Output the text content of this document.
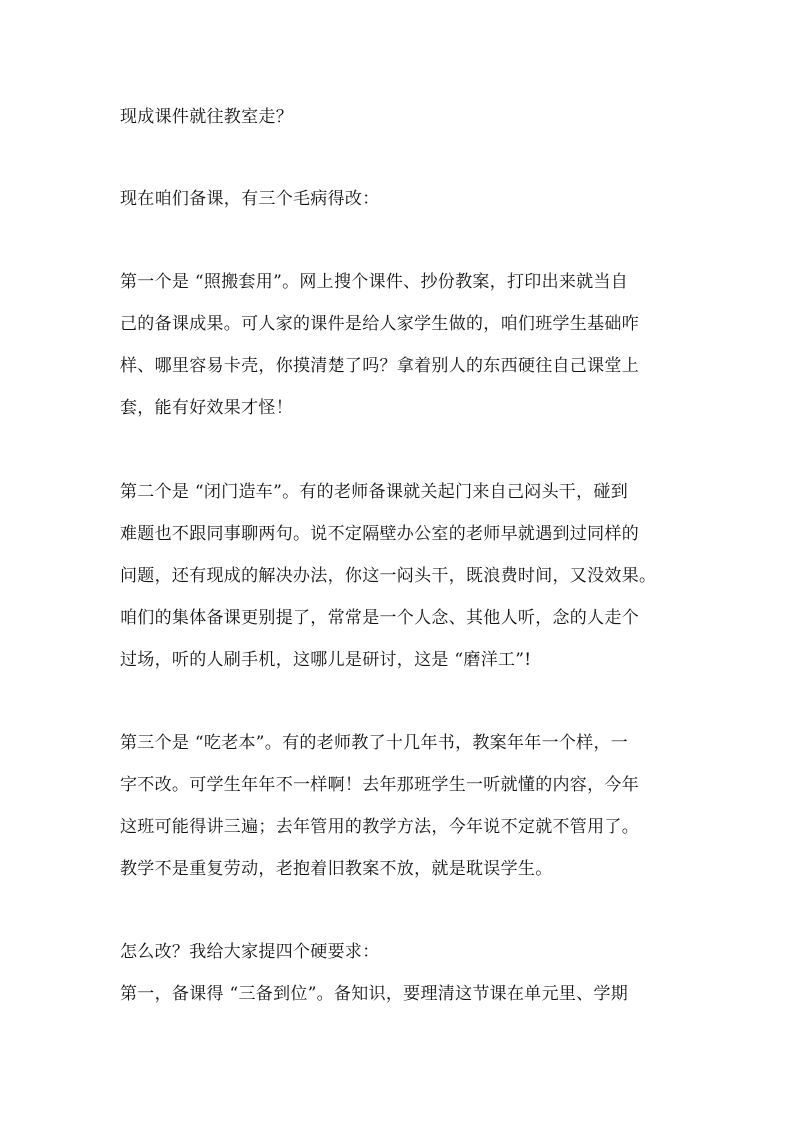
现成课件就往教室走？
现在咱们备课，有三个毛病得改：
第一个是 “照搬套用”。网上搜个课件、抄份教案，打印出来就当自
己的备课成果。可人家的课件是给人家学生做的，咱们班学生基础咋
样、哪里容易卡壳，你摸清楚了吗？拿着别人的东西硬往自己课堂上
套，能有好效果才怪！
第二个是 “闭门造车”。有的老师备课就关起门来自己闷头干，碰到
难题也不跟同事聊两句。说不定隔壁办公室的老师早就遇到过同样的
问题，还有现成的解决办法，你这一闷头干，既浪费时间，又没效果。
咱们的集体备课更别提了，常常是一个人念、其他人听，念的人走个
过场，听的人刷手机，这哪儿是研讨，这是 “磨洋工”!
第三个是 “吃老本”。有的老师教了十几年书，教案年年一个样，一
字不改。可学生年年不一样啊！去年那班学生一听就懂的内容，今年
这班可能得讲三遍；去年管用的教学方法，今年说不定就不管用了。
教学不是重复劳动，老抱着旧教案不放，就是耽误学生。
怎么改？我给大家提四个硬要求：
第一，备课得 “三备到位”。备知识，要理清这节课在单元里、学期
